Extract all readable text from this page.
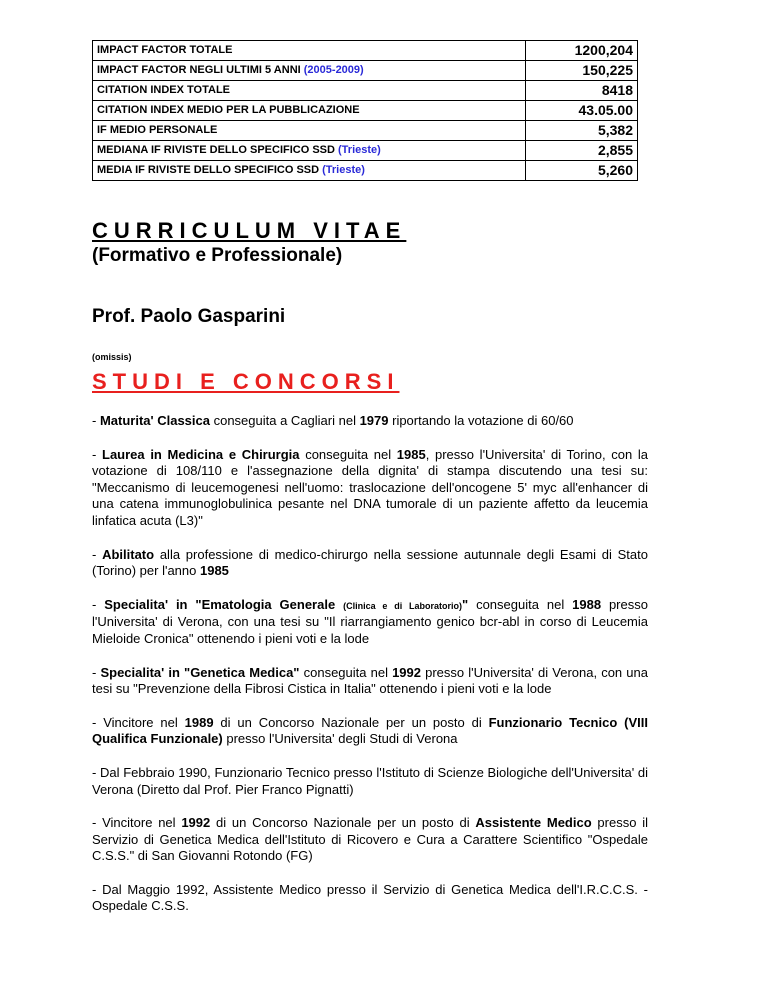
IMPACT FACTOR TOTALE	1200,204
IMPACT FACTOR NEGLI ULTIMI 5 ANNI (2005-2009)	150,225
CITATION INDEX TOTALE	8418
CITATION INDEX MEDIO PER LA PUBBLICAZIONE	43.05.00
IF MEDIO PERSONALE	5,382
MEDIANA IF RIVISTE DELLO SPECIFICO SSD (Trieste)	2,855
MEDIA IF RIVISTE DELLO SPECIFICO SSD (Trieste)	5,260
CURRICULUM VITAE
(Formativo e Professionale)
Prof. Paolo Gasparini
(omissis)
STUDI E CONCORSI

- Maturita' Classica conseguita a Cagliari nel 1979 riportando la votazione di 60/60

- Laurea in Medicina e Chirurgia conseguita nel 1985, presso l'Universita' di Torino, con la votazione di 108/110 e l'assegnazione della dignita' di stampa discutendo una tesi su: "Meccanismo di leucemogenesi nell'uomo: traslocazione dell'oncogene 5' myc all'enhancer di una catena immunoglobulinica pesante nel DNA tumorale di un paziente affetto da leucemia linfatica acuta (L3)"

- Abilitato alla professione di medico-chirurgo nella sessione autunnale degli Esami di Stato (Torino) per l'anno 1985

- Specialita' in "Ematologia Generale (Clinica e di Laboratorio)" conseguita nel 1988 presso l'Universita' di Verona, con una tesi su "Il riarrangiamento genico bcr-abl in corso di Leucemia Mieloide Cronica" ottenendo i pieni voti e la lode

- Specialita' in "Genetica Medica" conseguita nel 1992 presso l'Universita' di Verona, con una tesi su "Prevenzione della Fibrosi Cistica in Italia" ottenendo i pieni voti e la lode

- Vincitore nel 1989 di un Concorso Nazionale per un posto di Funzionario Tecnico (VIII Qualifica Funzionale) presso l'Universita' degli Studi di Verona

- Dal Febbraio 1990, Funzionario Tecnico presso l'Istituto di Scienze Biologiche dell'Universita' di Verona (Diretto dal Prof. Pier Franco Pignatti)

- Vincitore nel 1992 di un Concorso Nazionale per un posto di Assistente Medico presso il Servizio di Genetica Medica dell'Istituto di Ricovero e Cura a Carattere Scientifico "Ospedale C.S.S." di San Giovanni Rotondo (FG)

- Dal Maggio 1992, Assistente Medico presso il Servizio di Genetica Medica dell'I.R.C.C.S. - Ospedale C.S.S.
